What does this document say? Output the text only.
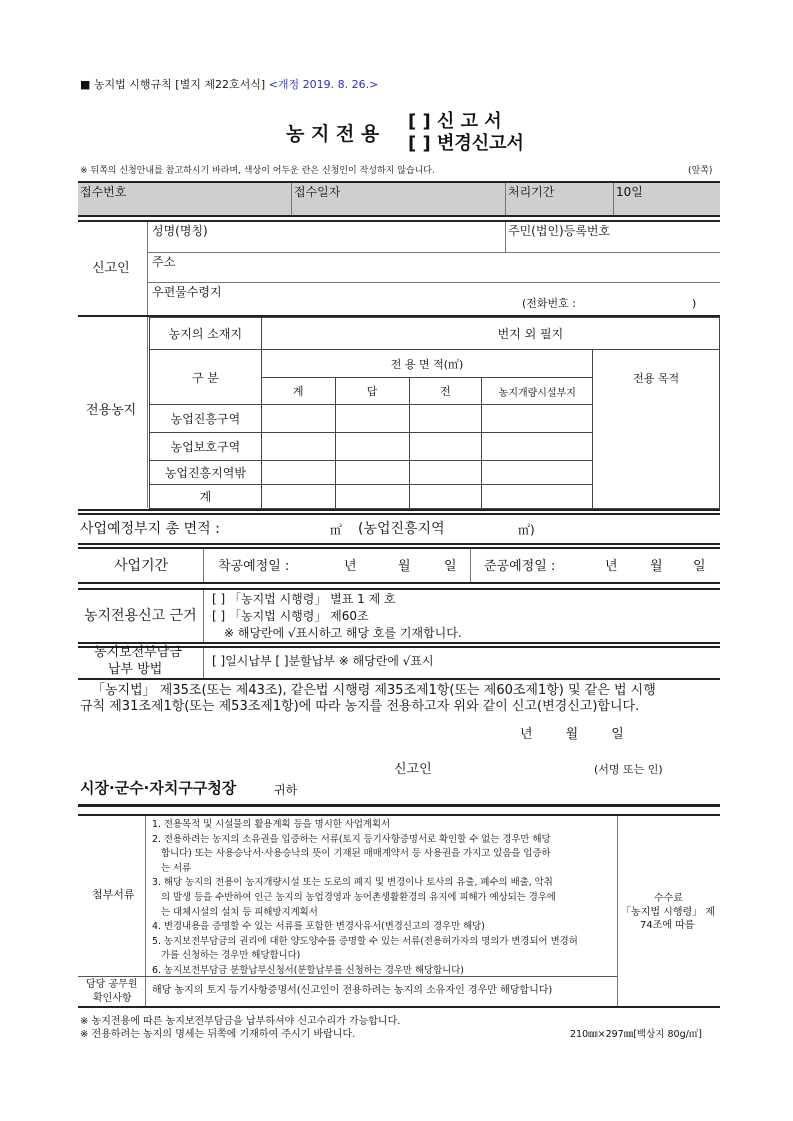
■ 농지법 시행규칙 [별지 제22호서식] <개정 2019. 8. 26.>
농 지 전 용
[ ] 신 고 서
[ ] 변경신고서
※ 뒤쪽의 신청안내를 참고하시기 바라며, 색상이 어두운 란은 신청인이 작성하지 않습니다.	(앞쪽)
접수번호	접수일자	처리기간	10일
신고인
성명(명칭)	주민(법인)등록번호
주소
우편물수령지
(전화번호 :	)
전용농지
농지의 소재지	번지 외 필지				
구 분	전 용 면 적(㎡)				전용 목적
	계	답	전	농지개량시설부지	
농업진흥구역					
농업보호구역					
농업진흥지역밖					
계					
사업예정부지 총 면적 :	㎡ (농업진흥지역	㎡)
사업기간	착공예정일 :	년	월	일 준공예정일 :	년 월 일
농지전용신고 근거
[ ] 「농지법 시행령」 별표 1 제 호
[ ] 「농지법 시행령」 제60조
※ 해당란에 √표시하고 해당 호를 기재합니다.
농지보전부담금
납부 방법
[ ]일시납부 [ ]분할납부 ※ 해당란에 √표시
「농지법」 제35조(또는 제43조), 같은법 시행령 제35조제1항(또는 제60조제1항) 및 같은 법 시행
규칙 제31조제1항(또는 제53조제1항)에 따라 농지를 전용하고자 위와 같이 신고(변경신고)합니다.
년        월        일
신고인	(서명 또는 인)
시장·군수·자치구구청장	귀하
첨부서류
1. 전용목적 및 시설물의 활용계획 등을 명시한 사업계획서
2. 전용하려는 농지의 소유권을 입증하는 서류(토지 등기사항증명서로 확인할 수 없는 경우만 해당
합니다) 또는 사용승낙서·사용승낙의 뜻이 기재된 매매계약서 등 사용권을 가지고 있음을 입증하
는 서류
3. 해당 농지의 전용이 농지개량시설 또는 도로의 폐지 및 변경이나 토사의 유출, 폐수의 배출, 악취
의 발생 등을 수반하여 인근 농지의 농업경영과 농어촌생활환경의 유지에 피해가 예상되는 경우에
는 대체시설의 설치 등 피해방지계획서
4. 변경내용을 증명할 수 있는 서류를 포함한 변경사유서(변경신고의 경우만 해당)
5. 농지보전부담금의 권리에 대한 양도양수를 증명할 수 있는 서류(전용허가자의 명의가 변경되어 변경허
가를 신청하는 경우만 해당합니다)
6. 농지보전부담금 분할납부신청서(분할납부를 신청하는 경우만 해당합니다)
수수료
「농지법 시행령」 제
74조에 따름
담당 공무원
확인사항
해당 농지의 토지 등기사항증명서(신고인이 전용하려는 농지의 소유자인 경우만 해당합니다)
※ 농지전용에 따른 농지보전부담금을 납부하셔야 신고수리가 가능합니다.
※ 전용하려는 농지의 명세는 뒤쪽에 기재하여 주시기 바랍니다.	210㎜×297㎜[백상지 80g/㎡]
